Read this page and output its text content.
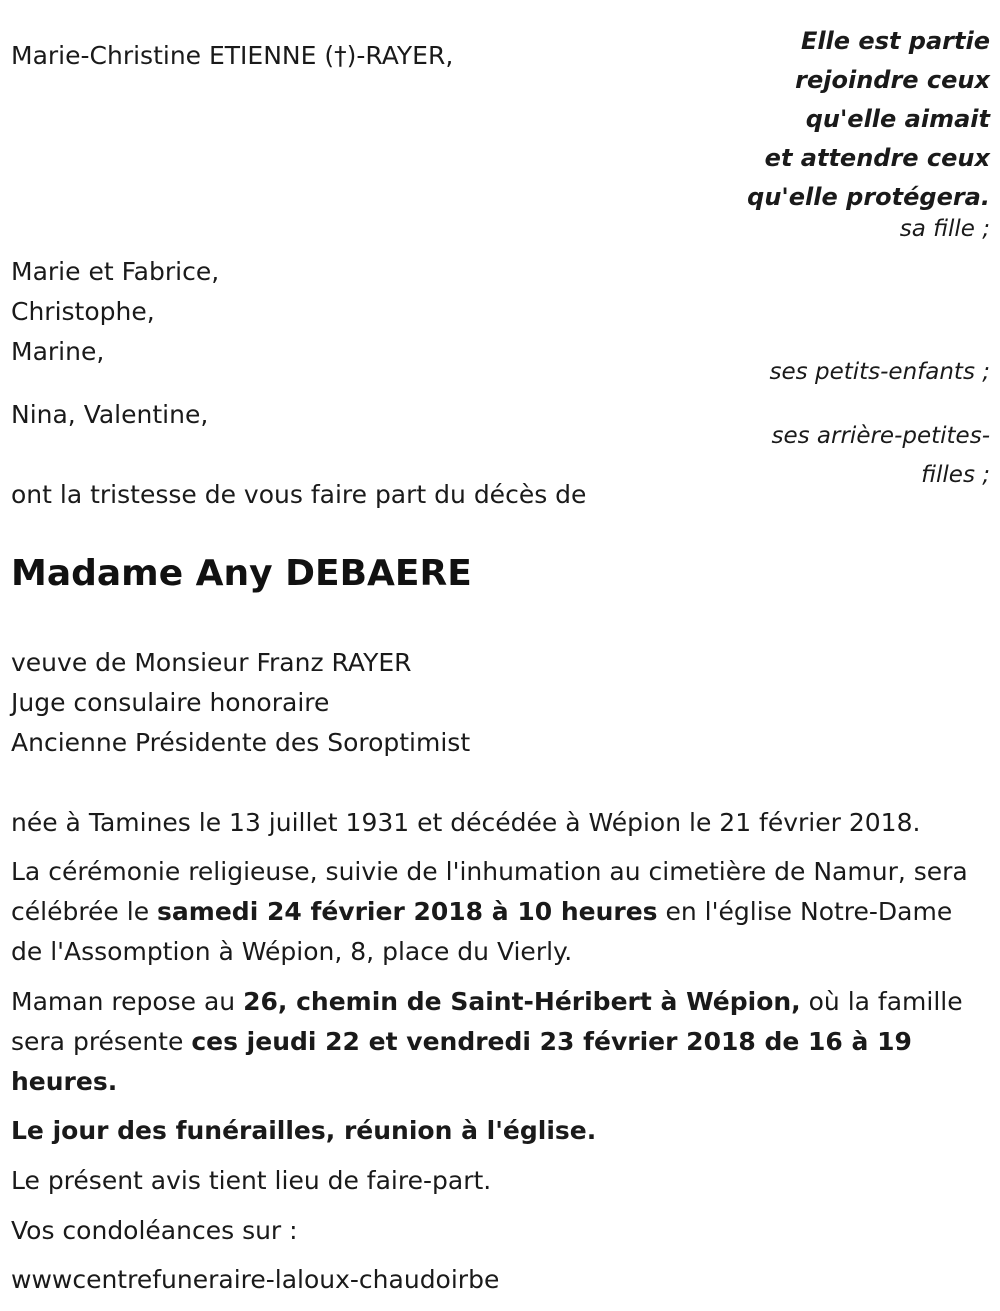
Marie-Christine ETIENNE (†)-RAYER,	Elle est partie
rejoindre ceux
qu'elle aimait
et attendre ceux
qu'elle protégera.
sa fille ;
Marie et Fabrice,
Christophe,
Marine,
ses petits-enfants ;
Nina, Valentine,
ses arrière-petites-
filles ;
ont la tristesse de vous faire part du décès de
Madame Any DEBAERE
veuve de Monsieur Franz RAYER
Juge consulaire honoraire
Ancienne Présidente des Soroptimist
née à Tamines le 13 juillet 1931 et décédée à Wépion le 21 février 2018.
La cérémonie religieuse, suivie de l'inhumation au cimetière de Namur, sera célébrée le samedi 24 février 2018 à 10 heures en l'église Notre-Dame de l'Assomption à Wépion, 8, place du Vierly.
Maman repose au 26, chemin de Saint-Héribert à Wépion, où la famille sera présente ces jeudi 22 et vendredi 23 février 2018 de 16 à 19 heures.
Le jour des funérailles, réunion à l'église.
Le présent avis tient lieu de faire-part.
Vos condoléances sur :
wwwcentrefuneraire-laloux-chaudoirbe
